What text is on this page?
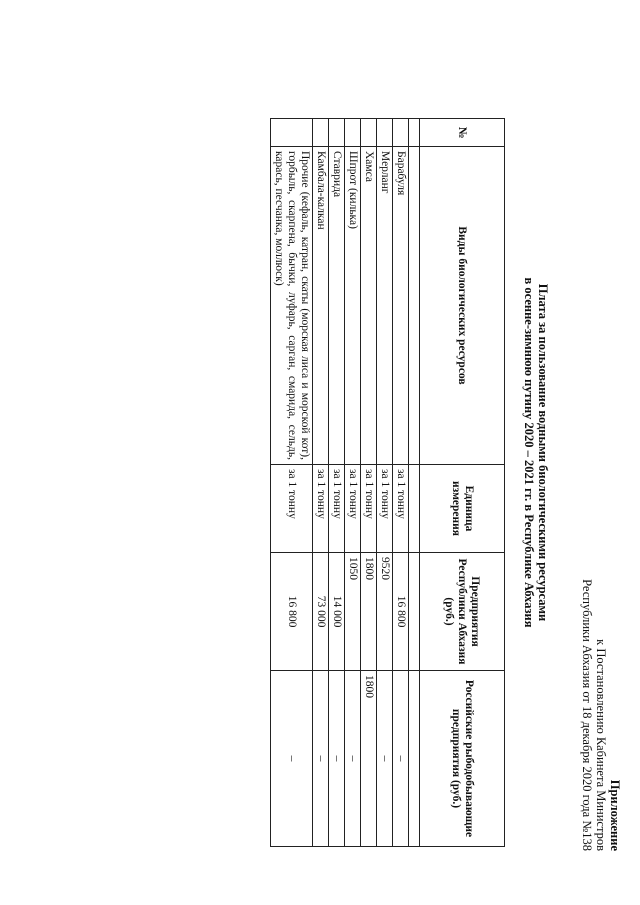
Приложение
к Постановлению Кабинета Министров
Республики Абхазия от 18 декабря 2020 года №138
Плата за пользование водными биологическими ресурсами
в осенне-зимнюю путину 2020 – 2021 гг. в Республике Абхазия
№	Виды биологических ресурсов	Единица измерения	Предприятия Республики Абхазия (руб.)	Российские рыбодобывающие предприятия (руб.)

	Барабуля	за 1 тонну	16 800	–
	Мерланг	за 1 тонну	9520	–
	Хамса	за 1 тонну	1800	1800
	Шпрот (килька)	за 1 тонну	1050	–
	Ставрида	за 1 тонну	14 000	–
	Камбала-калкан	за 1 тонну	73 000	–
	Прочие (кефаль, катран, скаты (морская лиса и морской кот), горбыль, скарпена, бычки, луфарь, сарган, смарида, сельдь, карась, песчанка, моллюск)	за 1 тонну	16 800	–
